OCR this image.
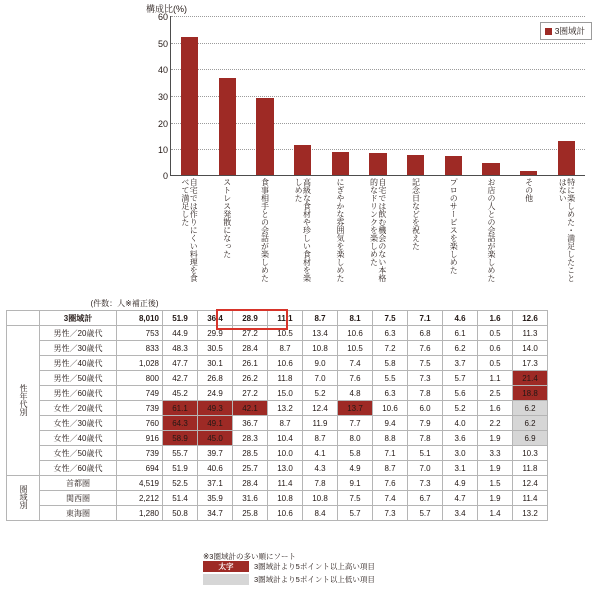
構成比(%)
0
10
20
30
40
50
60
3圏域計
自宅では作りにくい料理を食べて満足した	ストレス発散になった	食事相手との会話が楽しめた	高級な食材や珍しい食材を楽しめた	にぎやかな雰囲気を楽しめた	自宅では飲む機会のない本格的なドリンクを楽しめた	記念日などを祝えた	プロのサービスを楽しめた	お店の人との会話が楽しめた	その他	特に楽しめた・満足したことはない
(件数：人※補正後)													
	3圏域計	8,010	51.9	36.4	28.9	11.1	8.7	8.1	7.5	7.1	4.6	1.6	12.6
性年代別	男性／20歳代	753	44.9	29.9	27.2	10.5	13.4	10.6	6.3	6.8	6.1	0.5	11.3
	男性／30歳代	833	48.3	30.5	28.4	8.7	10.8	10.5	7.2	7.6	6.2	0.6	14.0
	男性／40歳代	1,028	47.7	30.1	26.1	10.6	9.0	7.4	5.8	7.5	3.7	0.5	17.3
	男性／50歳代	800	42.7	26.8	26.2	11.8	7.0	7.6	5.5	7.3	5.7	1.1	21.4
	男性／60歳代	749	45.2	24.9	27.2	15.0	5.2	4.8	6.3	7.8	5.6	2.5	18.8
	女性／20歳代	739	61.1	49.3	42.1	13.2	12.4	13.7	10.6	6.0	5.2	1.6	6.2
	女性／30歳代	760	64.3	49.1	36.7	8.7	11.9	7.7	9.4	7.9	4.0	2.2	6.2
	女性／40歳代	916	58.9	45.0	28.3	10.4	8.7	8.0	8.8	7.8	3.6	1.9	6.9
	女性／50歳代	739	55.7	39.7	28.5	10.0	4.1	5.8	7.1	5.1	3.0	3.3	10.3
	女性／60歳代	694	51.9	40.6	25.7	13.0	4.3	4.9	8.7	7.0	3.1	1.9	11.8
圏域別	首都圏	4,519	52.5	37.1	28.4	11.4	7.8	9.1	7.6	7.3	4.9	1.5	12.4
	関西圏	2,212	51.4	35.9	31.6	10.8	10.8	7.5	7.4	6.7	4.7	1.9	11.4
	東海圏	1,280	50.8	34.7	25.8	10.6	8.4	5.7	7.3	5.7	3.4	1.4	13.2
※3圏域計の多い順にソート
太字	3圏域計より5ポイント以上高い項目
3圏域計より5ポイント以上低い項目
